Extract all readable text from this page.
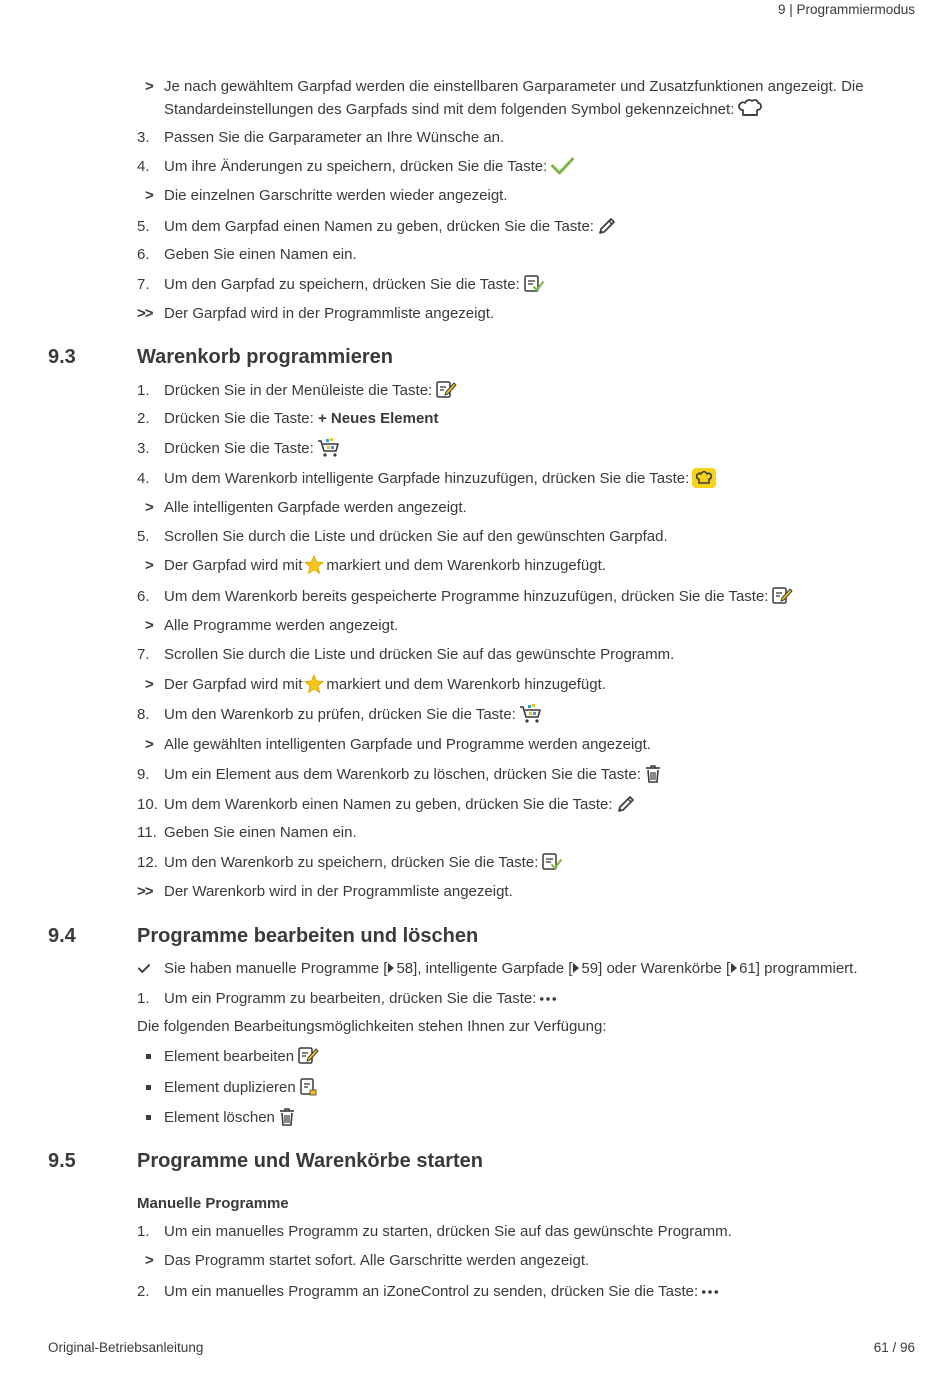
9 | Programmiermodus
> Je nach gewähltem Garpfad werden die einstellbaren Garparameter und Zusatzfunktionen angezeigt. Die
Standardeinstellungen des Garpfads sind mit dem folgenden Symbol gekennzeichnet:
3. Passen Sie die Garparameter an Ihre Wünsche an.
4. Um ihre Änderungen zu speichern, drücken Sie die Taste:
> Die einzelnen Garschritte werden wieder angezeigt.
5. Um dem Garpfad einen Namen zu geben, drücken Sie die Taste:
6. Geben Sie einen Namen ein.
7. Um den Garpfad zu speichern, drücken Sie die Taste:
>> Der Garpfad wird in der Programmliste angezeigt.
9.3	Warenkorb programmieren
1. Drücken Sie in der Menüleiste die Taste:
2. Drücken Sie die Taste: + Neues Element
3. Drücken Sie die Taste:
4. Um dem Warenkorb intelligente Garpfade hinzuzufügen, drücken Sie die Taste:
> Alle intelligenten Garpfade werden angezeigt.
5. Scrollen Sie durch die Liste und drücken Sie auf den gewünschten Garpfad.
> Der Garpfad wird mit markiert und dem Warenkorb hinzugefügt.
6. Um dem Warenkorb bereits gespeicherte Programme hinzuzufügen, drücken Sie die Taste:
> Alle Programme werden angezeigt.
7. Scrollen Sie durch die Liste und drücken Sie auf das gewünschte Programm.
> Der Garpfad wird mit markiert und dem Warenkorb hinzugefügt.
8. Um den Warenkorb zu prüfen, drücken Sie die Taste:
> Alle gewählten intelligenten Garpfade und Programme werden angezeigt.
9. Um ein Element aus dem Warenkorb zu löschen, drücken Sie die Taste:
10. Um dem Warenkorb einen Namen zu geben, drücken Sie die Taste:
11. Geben Sie einen Namen ein.
12. Um den Warenkorb zu speichern, drücken Sie die Taste:
>> Der Warenkorb wird in der Programmliste angezeigt.
9.4	Programme bearbeiten und löschen
Sie haben manuelle Programme [ 58], intelligente Garpfade [ 59] oder Warenkörbe [ 61] programmiert.
1. Um ein Programm zu bearbeiten, drücken Sie die Taste:
Die folgenden Bearbeitungsmöglichkeiten stehen Ihnen zur Verfügung:
Element bearbeiten
Element duplizieren
Element löschen
9.5	Programme und Warenkörbe starten
Manuelle Programme
1. Um ein manuelles Programm zu starten, drücken Sie auf das gewünschte Programm.
> Das Programm startet sofort. Alle Garschritte werden angezeigt.
2. Um ein manuelles Programm an iZoneControl zu senden, drücken Sie die Taste:
Original-Betriebsanleitung	61 / 96
